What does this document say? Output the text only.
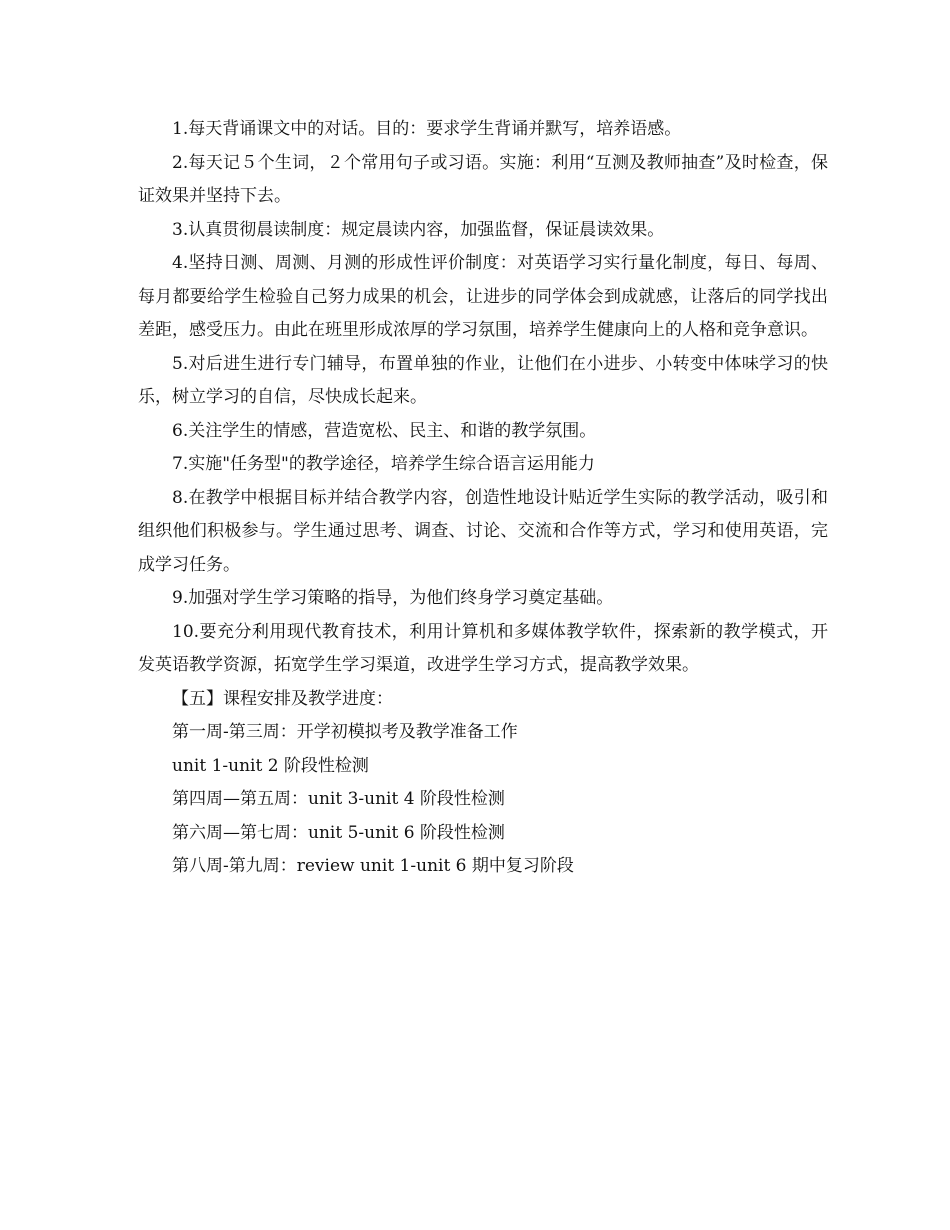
1.每天背诵课文中的对话。目的：要求学生背诵并默写，培养语感。

2.每天记５个生词，２个常用句子或习语。实施：利用“互测及教师抽查”及时检查，保证效果并坚持下去。

3.认真贯彻晨读制度：规定晨读内容，加强监督，保证晨读效果。

4.坚持日测、周测、月测的形成性评价制度：对英语学习实行量化制度，每日、每周、每月都要给学生检验自己努力成果的机会，让进步的同学体会到成就感，让落后的同学找出差距，感受压力。由此在班里形成浓厚的学习氛围，培养学生健康向上的人格和竞争意识。

5.对后进生进行专门辅导，布置单独的作业，让他们在小进步、小转变中体味学习的快乐，树立学习的自信，尽快成长起来。

6.关注学生的情感，营造宽松、民主、和谐的教学氛围。

7.实施"任务型"的教学途径，培养学生综合语言运用能力

8.在教学中根据目标并结合教学内容，创造性地设计贴近学生实际的教学活动，吸引和组织他们积极参与。学生通过思考、调查、讨论、交流和合作等方式，学习和使用英语，完成学习任务。

9.加强对学生学习策略的指导，为他们终身学习奠定基础。

10.要充分利用现代教育技术，利用计算机和多媒体教学软件，探索新的教学模式，开发英语教学资源，拓宽学生学习渠道，改进学生学习方式，提高教学效果。

【五】课程安排及教学进度：

第一周-第三周：开学初模拟考及教学准备工作

unit 1-unit 2 阶段性检测

第四周—第五周：unit 3-unit 4 阶段性检测

第六周—第七周：unit 5-unit 6 阶段性检测

第八周-第九周：review unit 1-unit 6 期中复习阶段
